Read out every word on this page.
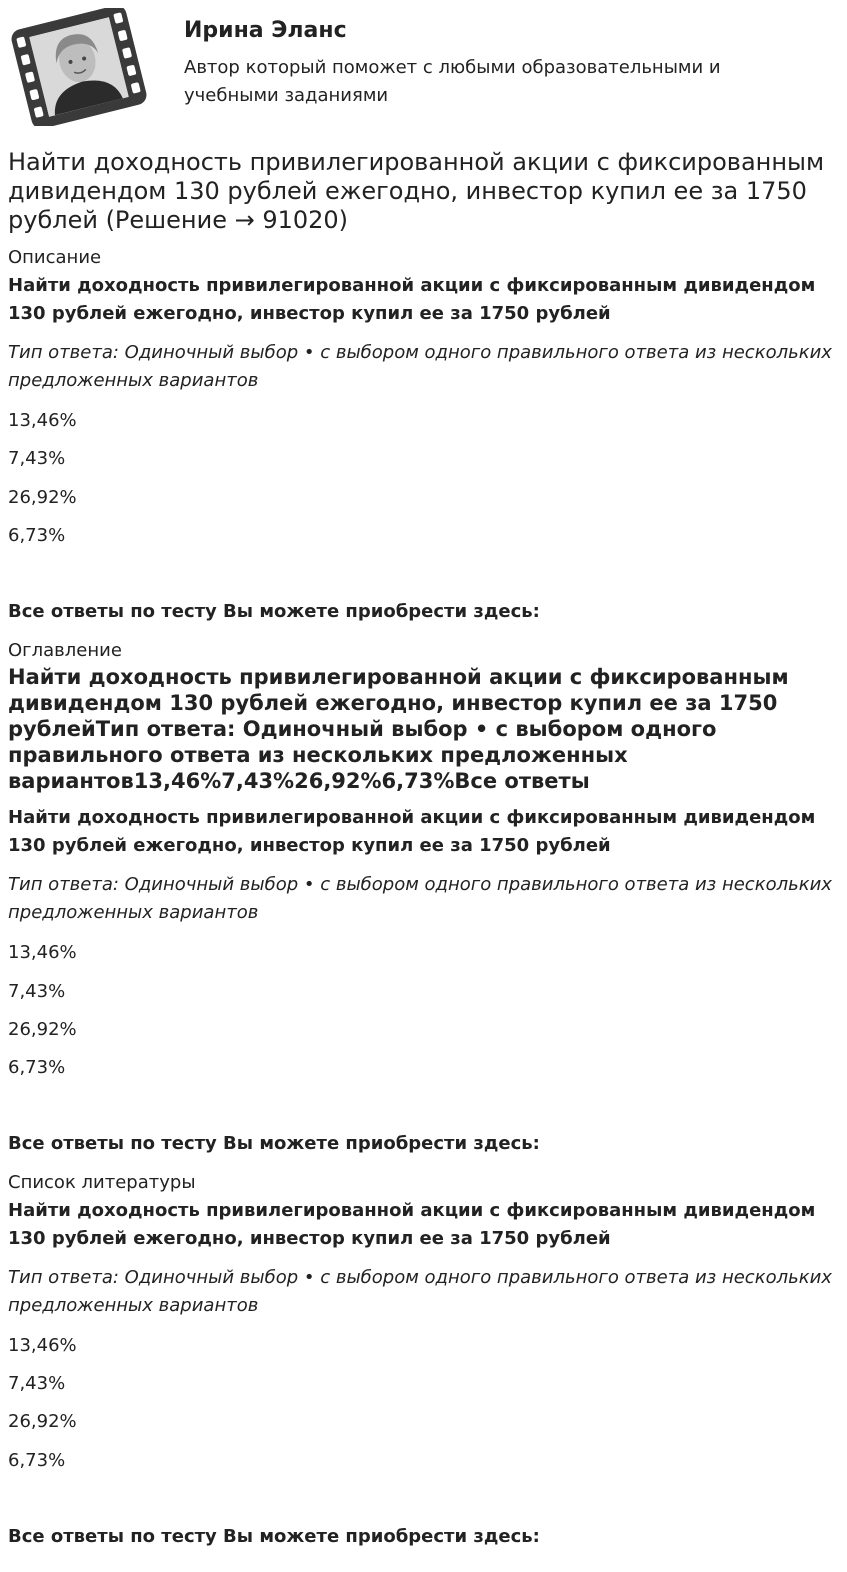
Ирина Эланс
Автор который поможет с любыми образовательными и учебными заданиями
Найти доходность привилегированной акции с фиксированным дивидендом 130 рублей ежегодно, инвестор купил ее за 1750 рублей (Решение → 91020)
Описание
Найти доходность привилегированной акции с фиксированным дивидендом 130 рублей ежегодно, инвестор купил ее за 1750 рублей
Тип ответа: Одиночный выбор • с выбором одного правильного ответа из нескольких предложенных вариантов
13,46%
7,43%
26,92%
6,73%
Все ответы по тесту Вы можете приобрести здесь:
Оглавление
Найти доходность привилегированной акции с фиксированным дивидендом 130 рублей ежегодно, инвестор купил ее за 1750 рублейТип ответа: Одиночный выбор • с выбором одного правильного ответа из нескольких предложенных вариантов13,46%7,43%26,92%6,73%Все ответы
Найти доходность привилегированной акции с фиксированным дивидендом 130 рублей ежегодно, инвестор купил ее за 1750 рублей
Тип ответа: Одиночный выбор • с выбором одного правильного ответа из нескольких предложенных вариантов
13,46%
7,43%
26,92%
6,73%
Все ответы по тесту Вы можете приобрести здесь:
Список литературы
Найти доходность привилегированной акции с фиксированным дивидендом 130 рублей ежегодно, инвестор купил ее за 1750 рублей
Тип ответа: Одиночный выбор • с выбором одного правильного ответа из нескольких предложенных вариантов
13,46%
7,43%
26,92%
6,73%
Все ответы по тесту Вы можете приобрести здесь:
